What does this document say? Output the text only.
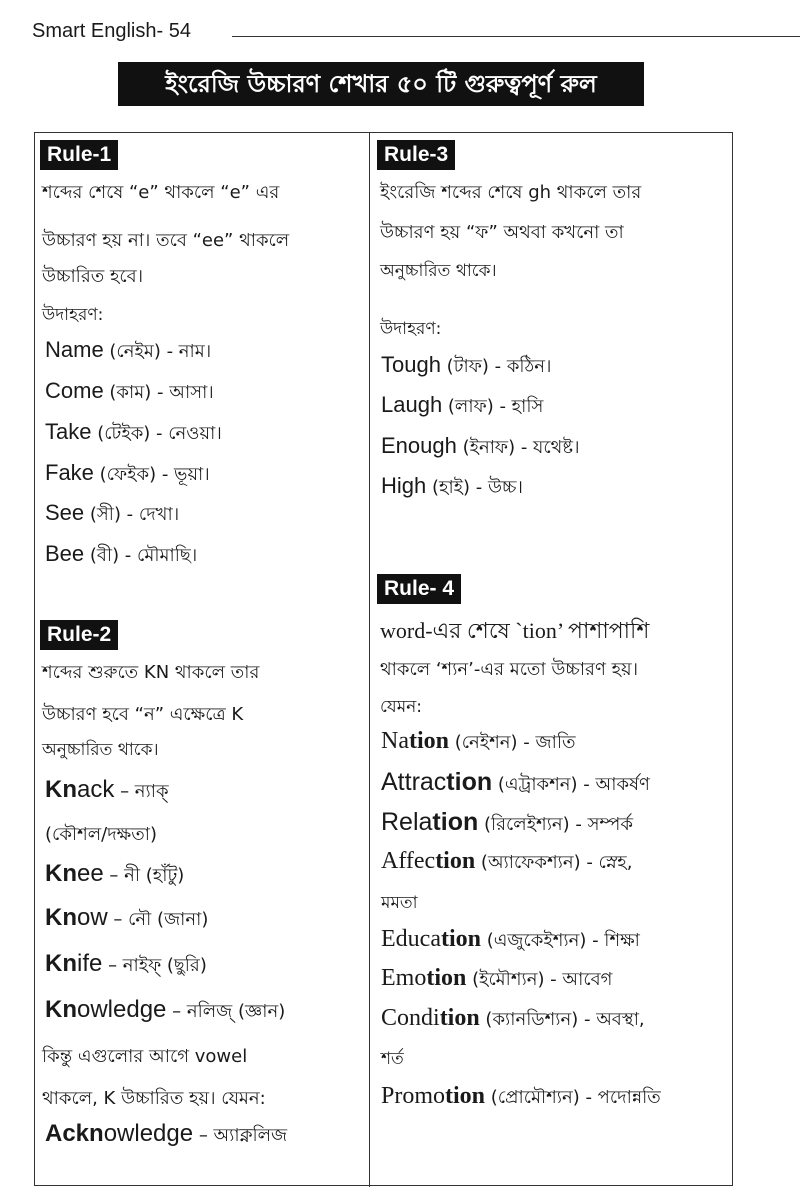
Smart English- 54
ইংরেজি উচ্চারণ শেখার ৫০ টি গুরুত্বপূর্ণ রুল
Rule-1
শব্দের শেষে “e” থাকলে “e” এর
উচ্চারণ হয় না। তবে “ee” থাকলে
উচ্চারিত হবে।
উদাহরণ:
Name (নেইম) - নাম।
Come (কাম) - আসা।
Take (টেইক) - নেওয়া।
Fake (ফেইক) - ভূয়া।
See (সী) - দেখা।
Bee (বী) - মৌমাছি।
Rule-2
শব্দের শুরুতে KN থাকলে তার
উচ্চারণ হবে “ন” এক্ষেত্রে K
অনুচ্চারিত থাকে।
Knack – ন্যাক্
(কৌশল/দক্ষতা)
Knee – নী (হাঁটু)
Know – নৌ (জানা)
Knife – নাইফ্ (ছুরি)
Knowledge – নলিজ্ (জ্ঞান)
কিন্তু এগুলোর আগে vowel
থাকলে, K উচ্চারিত হয়। যেমন:
Acknowledge – অ্যাক্নলিজ
Rule-3
ইংরেজি শব্দের শেষে gh থাকলে তার
উচ্চারণ হয় “ফ” অথবা কখনো তা
অনুচ্চারিত থাকে।
উদাহরণ:
Tough (টাফ) - কঠিন।
Laugh (লাফ) - হাসি
Enough (ইনাফ) - যথেষ্ট।
High (হাই) - উচ্চ।
Rule- 4
word-এর শেষে `tion’ পাশাপাশি
থাকলে ‘শ্যন’-এর মতো উচ্চারণ হয়।
যেমন:
Nation (নেইশন) - জাতি
Attraction (এট্রাকশন) - আকর্ষণ
Relation (রিলেইশ্যন) - সম্পর্ক
Affection (অ্যাফেকশ্যন) - স্নেহ,
মমতা
Education (এজুকেইশ্যন) - শিক্ষা
Emotion (ইমৌশ্যন) - আবেগ
Condition (ক্যানডিশ্যন) - অবস্থা,
শর্ত
Promotion (প্রোমৌশ্যন) - পদোন্নতি
